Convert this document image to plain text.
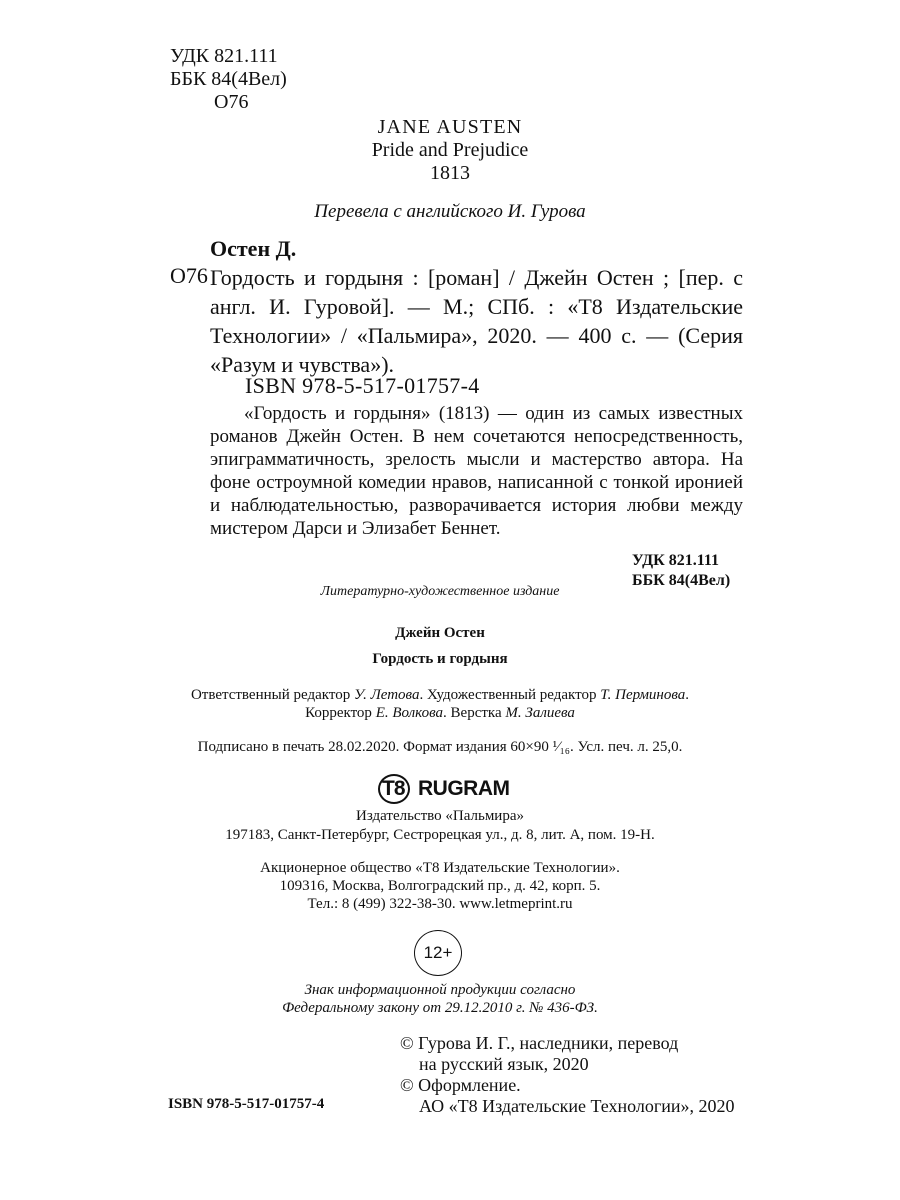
УДК 821.111
ББК 84(4Вел)
О76
JANE AUSTEN
Pride and Prejudice
1813
Перевела с английского И. Гурова
Остен Д.
О76 Гордость и гордыня : [роман] / Джейн Остен ; [пер. с англ. И. Гуровой]. — М.; СПб. : «Т8 Издательские Технологии» / «Пальмира», 2020. — 400 с. — (Серия «Разум и чувства»).
ISBN 978-5-517-01757-4
«Гордость и гордыня» (1813) — один из самых известных романов Джейн Остен. В нем сочетаются непосредственность, эпиграмматичность, зрелость мысли и мастерство автора. На фоне остроумной комедии нравов, написанной с тонкой иронией и наблюдательностью, разворачивается история любви между мистером Дарси и Элизабет Беннет.
УДК 821.111
ББК 84(4Вел)
Литературно-художественное издание
Джейн Остен
Гордость и гордыня
Ответственный редактор У. Летова. Художественный редактор Т. Перминова.
Корректор Е. Волкова. Верстка М. Залиева
Подписано в печать 28.02.2020. Формат издания 60×90 ¹⁄₁₆. Усл. печ. л. 25,0.
T8 RUGRAM
Издательство «Пальмира»
197183, Санкт-Петербург, Сестрорецкая ул., д. 8, лит. А, пом. 19-Н.
Акционерное общество «Т8 Издательские Технологии».
109316, Москва, Волгоградский пр., д. 42, корп. 5.
Тел.: 8 (499) 322-38-30. www.letmeprint.ru
12+
Знак информационной продукции согласно
Федеральному закону от 29.12.2010 г. № 436-ФЗ.
© Гурова И. Г., наследники, перевод
на русский язык, 2020
© Оформление.
АО «Т8 Издательские Технологии», 2020
ISBN 978-5-517-01757-4
